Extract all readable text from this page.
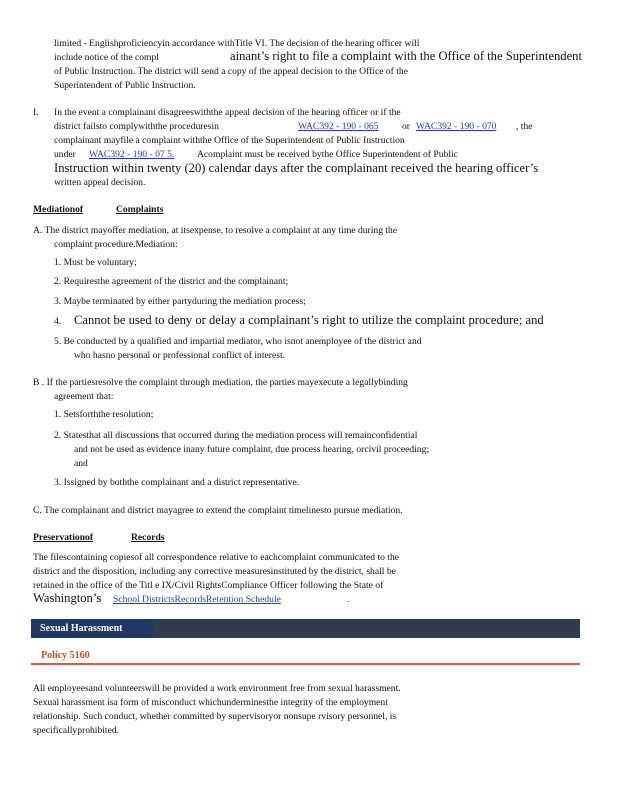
limited - Englishproficiencyin accordance withTitle VI. The decision of the hearing officer will
include notice of the compl	ainant’s right to file a complaint with the Office of the Superintendent
of Public Instruction. The district will send a copy of the appeal decision to the Office of the
Superintendent of Public Instruction.
I. In the event a complainant disagreeswiththe appeal decision of the hearing officer or if the
district failsto complywiththe proceduresin	WAC392 - 190 - 065 or WAC392 - 190 - 070 , the
complainant mayfile a complaint withthe Office of the Superintendent of Public Instruction
under WAC392 - 190 - 07 5. Acomplaint must be received bythe Office Superintendent of Public
Instruction within twenty (20) calendar days after the complainant received the hearing officer’s
written appeal decision.
Mediationof	Complaints
A. The district mayoffer mediation, at itsexpense, to resolve a complaint at any time during the
complaint procedure.Mediation:
1. Must be voluntary;
2. Requiresthe agreement of the district and the complainant;
3. Maybe terminated by either partyduring the mediation process;
4. Cannot be used to deny or delay a complainant’s right to utilize the complaint procedure; and
5. Be conducted by a qualified and impartial mediator, who isnot anemployee of the district and
who hasno personal or professional conflict of interest.
B . If the partiesresolve the complaint through mediation, the parties mayexecute a legallybinding
agreement that:
1. Setsforththe resolution;
2. Statesthat all discussions that occurred during the mediation process will remainconfidential
and not be used as evidence inany future complaint, due process hearing, orcivil proceeding;
and
3. Issigned by boththe complainant and a district representative.
C. The complainant and district mayagree to extend the complaint timelinesto pursue mediation.
Preservationof	Records
The filescontaining copiesof all correspondence relative to eachcomplaint communicated to the
district and the disposition, including any corrective measuresinstituted by the district, shall be
retained in the office of the Titl e IX/Civil RightsCompliance Officer following the State of
Washington’s School DistrictsRecordsRetention Schedule	.
All employeesand volunteerswill be provided a work environment free from sexual harassment.
Sexual harassment isa form of misconduct whichunderminesthe integrity of the employment
relationship. Such conduct, whether committed by supervisoryor nonsupe rvisory personnel, is
specificallyprohibited.
Sexual Harassment
Policy 5160
